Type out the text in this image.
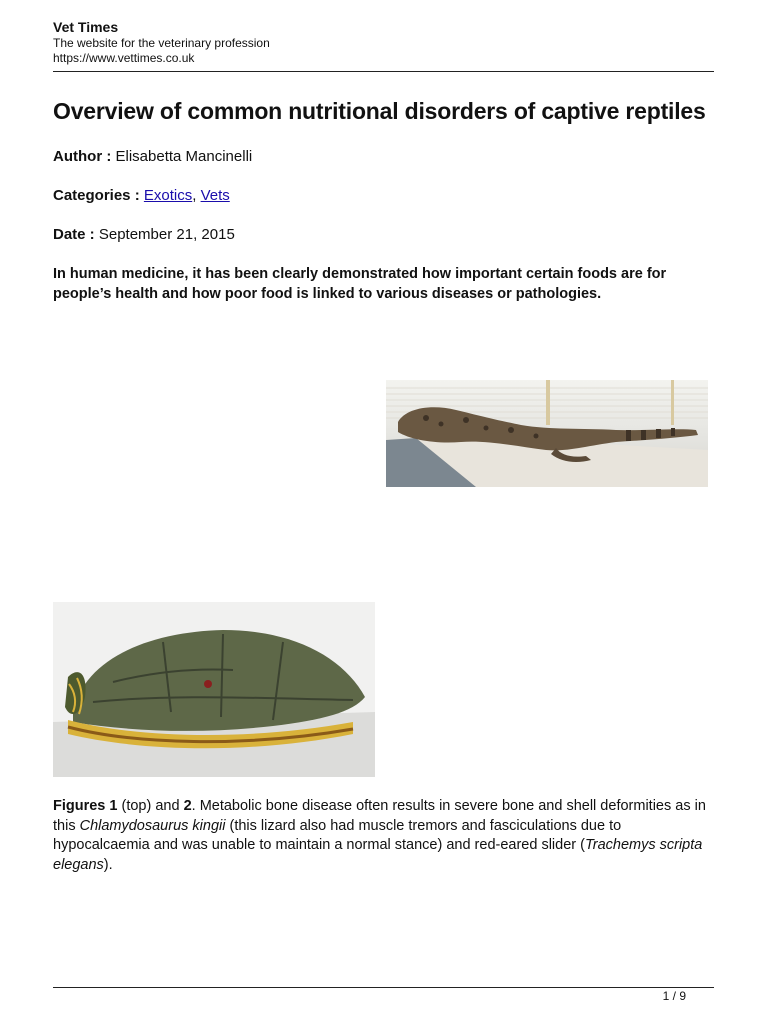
Vet Times
The website for the veterinary profession
https://www.vettimes.co.uk
Overview of common nutritional disorders of captive reptiles
Author : Elisabetta Mancinelli
Categories : Exotics, Vets
Date : September 21, 2015
In human medicine, it has been clearly demonstrated how important certain foods are for people’s health and how poor food is linked to various diseases or pathologies.
Figures 1 (top) and 2. Metabolic bone disease often results in severe bone and shell deformities as in this Chlamydosaurus kingii (this lizard also had muscle tremors and fasciculations due to hypocalcaemia and was unable to maintain a normal stance) and red-eared slider (Trachemys scripta elegans).
1 / 9
